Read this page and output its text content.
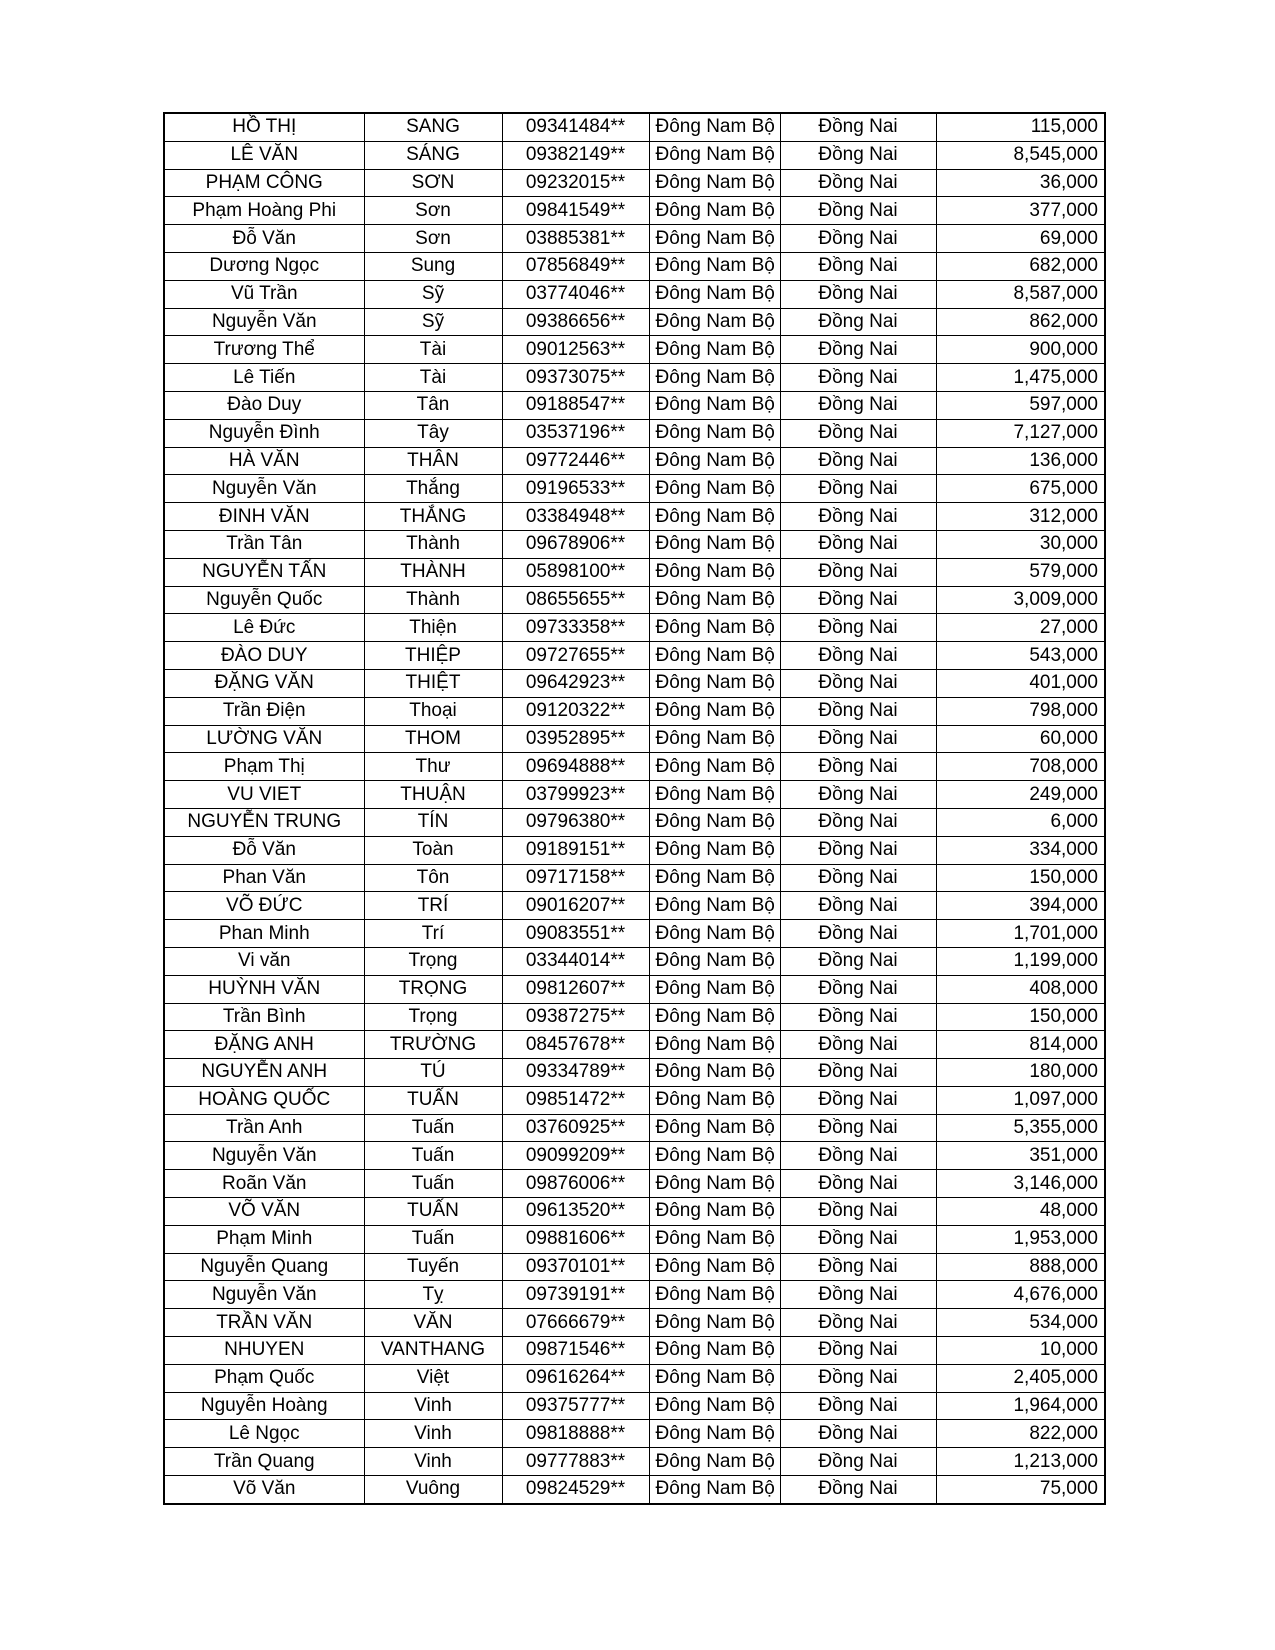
HỒ THỊ	SANG	09341484**	Đông Nam Bộ	Đồng Nai	115,000
LÊ VĂN	SÁNG	09382149**	Đông Nam Bộ	Đồng Nai	8,545,000
PHẠM CÔNG	SƠN	09232015**	Đông Nam Bộ	Đồng Nai	36,000
Phạm Hoàng Phi	Sơn	09841549**	Đông Nam Bộ	Đồng Nai	377,000
Đỗ Văn	Sơn	03885381**	Đông Nam Bộ	Đồng Nai	69,000
Dương Ngọc	Sung	07856849**	Đông Nam Bộ	Đồng Nai	682,000
Vũ Trần	Sỹ	03774046**	Đông Nam Bộ	Đồng Nai	8,587,000
Nguyễn Văn	Sỹ	09386656**	Đông Nam Bộ	Đồng Nai	862,000
Trương Thể	Tài	09012563**	Đông Nam Bộ	Đồng Nai	900,000
Lê Tiến	Tài	09373075**	Đông Nam Bộ	Đồng Nai	1,475,000
Đào Duy	Tân	09188547**	Đông Nam Bộ	Đồng Nai	597,000
Nguyễn Đình	Tây	03537196**	Đông Nam Bộ	Đồng Nai	7,127,000
HÀ VĂN	THÂN	09772446**	Đông Nam Bộ	Đồng Nai	136,000
Nguyễn Văn	Thắng	09196533**	Đông Nam Bộ	Đồng Nai	675,000
ĐINH VĂN	THẮNG	03384948**	Đông Nam Bộ	Đồng Nai	312,000
Trần Tân	Thành	09678906**	Đông Nam Bộ	Đồng Nai	30,000
NGUYỄN TẤN	THÀNH	05898100**	Đông Nam Bộ	Đồng Nai	579,000
Nguyễn Quốc	Thành	08655655**	Đông Nam Bộ	Đồng Nai	3,009,000
Lê Đức	Thiện	09733358**	Đông Nam Bộ	Đồng Nai	27,000
ĐÀO DUY	THIỆP	09727655**	Đông Nam Bộ	Đồng Nai	543,000
ĐẶNG VĂN	THIỆT	09642923**	Đông Nam Bộ	Đồng Nai	401,000
Trần Điện	Thoại	09120322**	Đông Nam Bộ	Đồng Nai	798,000
LƯỜNG VĂN	THOM	03952895**	Đông Nam Bộ	Đồng Nai	60,000
Phạm Thị	Thư	09694888**	Đông Nam Bộ	Đồng Nai	708,000
VU VIET	THUẬN	03799923**	Đông Nam Bộ	Đồng Nai	249,000
NGUYỄN TRUNG	TÍN	09796380**	Đông Nam Bộ	Đồng Nai	6,000
Đỗ Văn	Toàn	09189151**	Đông Nam Bộ	Đồng Nai	334,000
Phan Văn	Tôn	09717158**	Đông Nam Bộ	Đồng Nai	150,000
VÕ ĐỨC	TRÍ	09016207**	Đông Nam Bộ	Đồng Nai	394,000
Phan Minh	Trí	09083551**	Đông Nam Bộ	Đồng Nai	1,701,000
Vi văn	Trọng	03344014**	Đông Nam Bộ	Đồng Nai	1,199,000
HUỲNH VĂN	TRỌNG	09812607**	Đông Nam Bộ	Đồng Nai	408,000
Trần Bình	Trọng	09387275**	Đông Nam Bộ	Đồng Nai	150,000
ĐẶNG ANH	TRƯỜNG	08457678**	Đông Nam Bộ	Đồng Nai	814,000
NGUYỄN ANH	TÚ	09334789**	Đông Nam Bộ	Đồng Nai	180,000
HOÀNG QUỐC	TUẤN	09851472**	Đông Nam Bộ	Đồng Nai	1,097,000
Trần Anh	Tuấn	03760925**	Đông Nam Bộ	Đồng Nai	5,355,000
Nguyễn Văn	Tuấn	09099209**	Đông Nam Bộ	Đồng Nai	351,000
Roãn Văn	Tuấn	09876006**	Đông Nam Bộ	Đồng Nai	3,146,000
VÕ VĂN	TUẤN	09613520**	Đông Nam Bộ	Đồng Nai	48,000
Phạm Minh	Tuấn	09881606**	Đông Nam Bộ	Đồng Nai	1,953,000
Nguyễn Quang	Tuyến	09370101**	Đông Nam Bộ	Đồng Nai	888,000
Nguyễn Văn	Tỵ	09739191**	Đông Nam Bộ	Đồng Nai	4,676,000
TRẦN VĂN	VĂN	07666679**	Đông Nam Bộ	Đồng Nai	534,000
NHUYEN	VANTHANG	09871546**	Đông Nam Bộ	Đồng Nai	10,000
Phạm Quốc	Việt	09616264**	Đông Nam Bộ	Đồng Nai	2,405,000
Nguyễn Hoàng	Vinh	09375777**	Đông Nam Bộ	Đồng Nai	1,964,000
Lê Ngọc	Vinh	09818888**	Đông Nam Bộ	Đồng Nai	822,000
Trần Quang	Vinh	09777883**	Đông Nam Bộ	Đồng Nai	1,213,000
Võ Văn	Vuông	09824529**	Đông Nam Bộ	Đồng Nai	75,000
